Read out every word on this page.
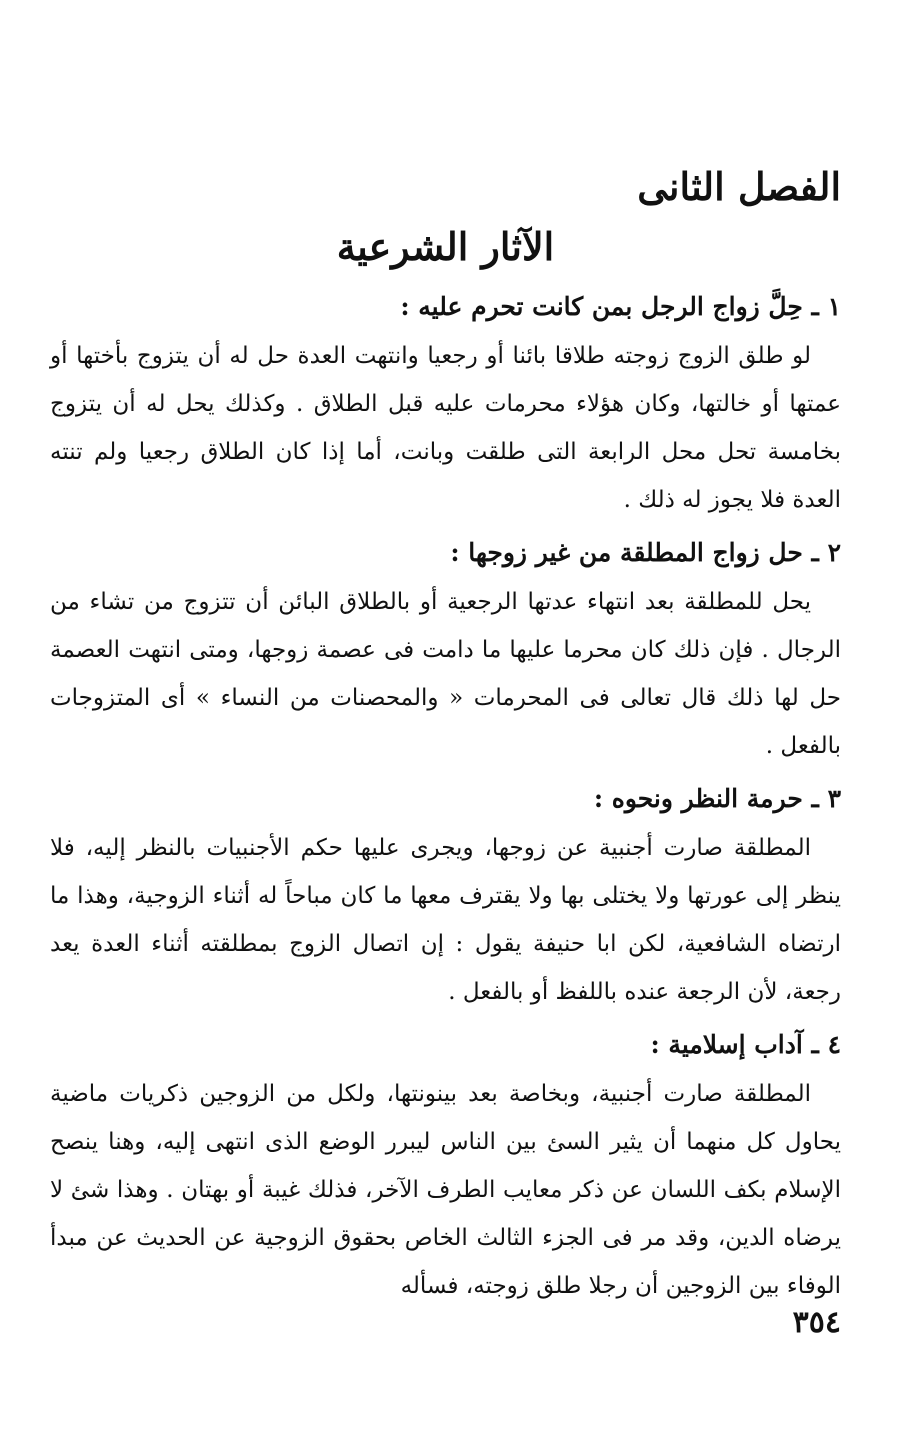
الفصل الثانى
الآثار الشرعية
١ ـ حِلَّ زواج الرجل بمن كانت تحرم عليه :

لو طلق الزوج زوجته طلاقا بائنا أو رجعيا وانتهت العدة حل له أن يتزوج بأختها أو عمتها أو خالتها، وكان هؤلاء محرمات عليه قبل الطلاق . وكذلك يحل له أن يتزوج بخامسة تحل محل الرابعة التى طلقت وبانت، أما إذا كان الطلاق رجعيا ولم تنته العدة فلا يجوز له ذلك .

٢ ـ حل زواج المطلقة من غير زوجها :

يحل للمطلقة بعد انتهاء عدتها الرجعية أو بالطلاق البائن أن تتزوج من تشاء من الرجال . فإن ذلك كان محرما عليها ما دامت فى عصمة زوجها، ومتى انتهت العصمة حل لها ذلك قال تعالى فى المحرمات « والمحصنات من النساء » أى المتزوجات بالفعل .

٣ ـ حرمة النظر ونحوه :

المطلقة صارت أجنبية عن زوجها، ويجرى عليها حكم الأجنبيات بالنظر إليه، فلا ينظر إلى عورتها ولا يختلى بها ولا يقترف معها ما كان مباحاً له أثناء الزوجية، وهذا ما ارتضاه الشافعية، لكن ابا حنيفة يقول : إن اتصال الزوج بمطلقته أثناء العدة يعد رجعة، لأن الرجعة عنده باللفظ أو بالفعل .

٤ ـ آداب إسلامية :

المطلقة صارت أجنبية، وبخاصة بعد بينونتها، ولكل من الزوجين ذكريات ماضية يحاول كل منهما أن يثير السئ بين الناس ليبرر الوضع الذى انتهى إليه، وهنا ينصح الإسلام بكف اللسان عن ذكر معايب الطرف الآخر، فذلك غيبة أو بهتان . وهذا شئ لا يرضاه الدين، وقد مر فى الجزء الثالث الخاص بحقوق الزوجية عن الحديث عن مبدأ الوفاء بين الزوجين أن رجلا طلق زوجته، فسأله

٣٥٤
